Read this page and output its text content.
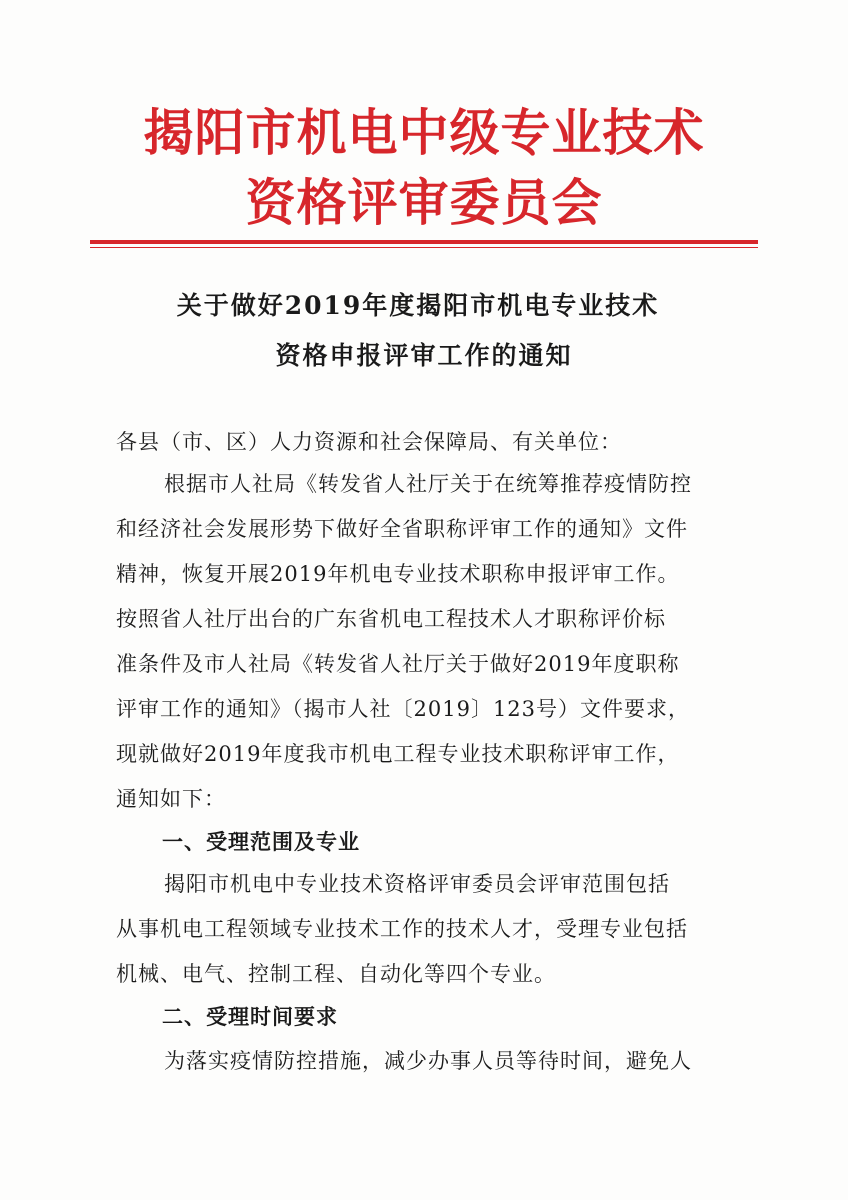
揭阳市机电中级专业技术
资格评审委员会
关于做好2019年度揭阳市机电专业技术
资格申报评审工作的通知
各县（市、区）人力资源和社会保障局、有关单位：
根据市人社局《转发省人社厅关于在统筹推荐疫情防控
和经济社会发展形势下做好全省职称评审工作的通知》文件
精神，恢复开展2019年机电专业技术职称申报评审工作。
按照省人社厅出台的广东省机电工程技术人才职称评价标
准条件及市人社局《转发省人社厅关于做好2019年度职称
评审工作的通知》（揭市人社〔2019〕123号）文件要求，
现就做好2019年度我市机电工程专业技术职称评审工作，
通知如下：
一、受理范围及专业
揭阳市机电中专业技术资格评审委员会评审范围包括
从事机电工程领域专业技术工作的技术人才，受理专业包括
机械、电气、控制工程、自动化等四个专业。
二、受理时间要求
为落实疫情防控措施，减少办事人员等待时间，避免人
